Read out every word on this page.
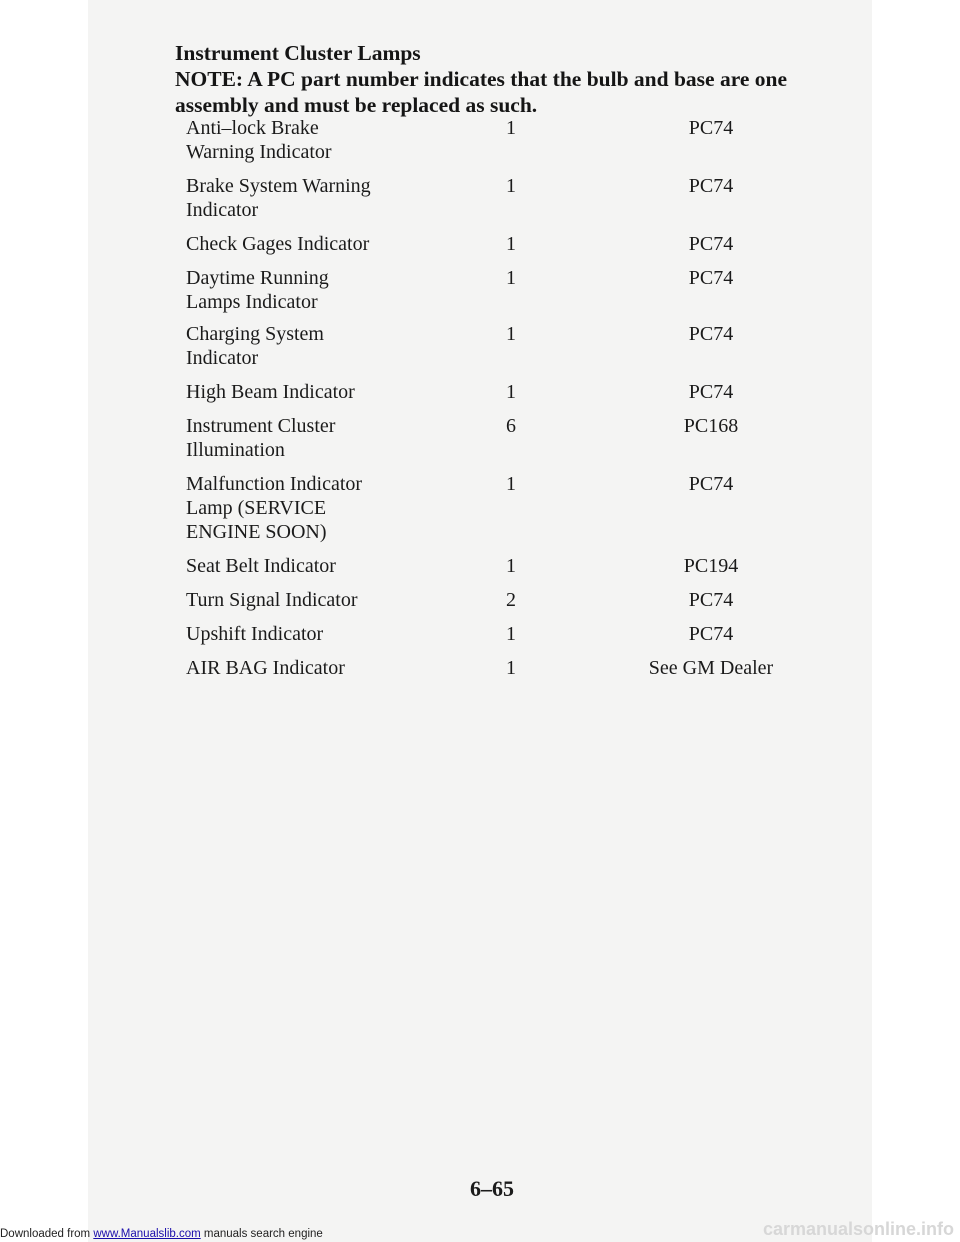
Instrument Cluster Lamps
NOTE: A PC part number indicates that the bulb and base are one
assembly and must be replaced as such.
Anti–lock Brake
Warning Indicator
1	PC74
Brake System Warning
Indicator
1	PC74
Check Gages Indicator	1	PC74
Daytime Running
Lamps Indicator
1	PC74
Charging System
Indicator
1	PC74
High Beam Indicator	1	PC74
Instrument Cluster
Illumination
6	PC168
Malfunction Indicator
Lamp (SERVICE
ENGINE SOON)
1	PC74
Seat Belt Indicator	1	PC194
Turn Signal Indicator	2	PC74
Upshift Indicator	1	PC74
AIR BAG Indicator	1	See GM Dealer
6–65
Downloaded from www.Manualslib.com manuals search engine	carmanualsonline.info
